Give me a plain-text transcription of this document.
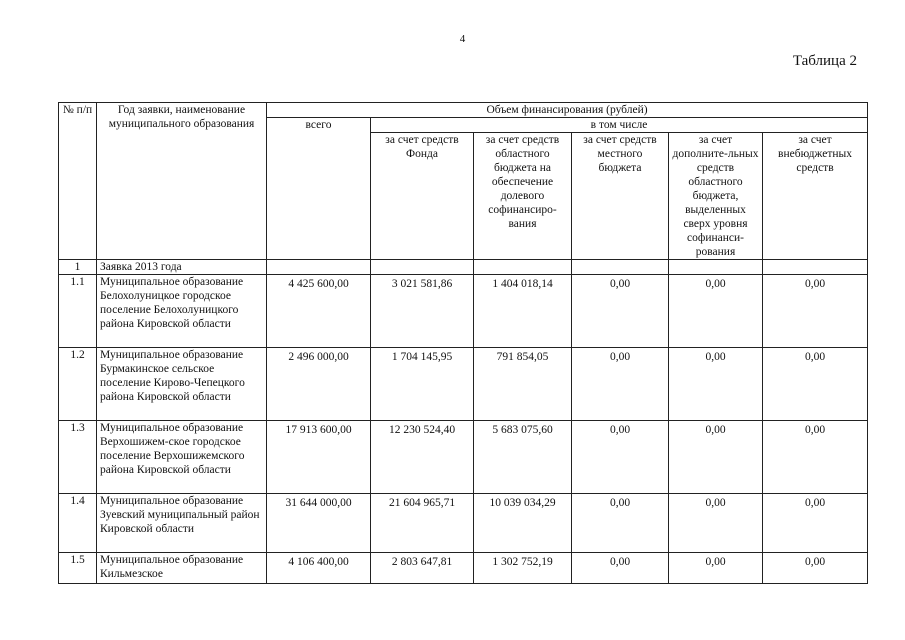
4
Таблица 2
№ п/п	Год заявки, наименование муниципального образования	Объем финансирования (рублей)					
		всего	в том числе				
			за счет средств Фонда	за счет средств областного бюджета на обеспечение долевого софинансиро-вания	за счет средств местного бюджета	за счет дополните-льных средств областного бюджета, выделенных сверх уровня софинанси-рования	за счет внебюджетных средств
1	Заявка 2013 года						
1.1	Муниципальное образование Белохолуницкое городское поселение Белохолуницкого района Кировской области	4 425 600,00	3 021 581,86	1 404 018,14	0,00	0,00	0,00
1.2	Муниципальное образование Бурмакинское сельское поселение Кирово-Чепецкого района Кировской области	2 496 000,00	1 704 145,95	791 854,05	0,00	0,00	0,00
1.3	Муниципальное образование Верхошижем-ское городское поселение Верхошижемского района Кировской области	17 913 600,00	12 230 524,40	5 683 075,60	0,00	0,00	0,00
1.4	Муниципальное образование Зуевский муниципальный район Кировской области	31 644 000,00	21 604 965,71	10 039 034,29	0,00	0,00	0,00
1.5	Муниципальное образование Кильмезское	4 106 400,00	2 803 647,81	1 302 752,19	0,00	0,00	0,00
